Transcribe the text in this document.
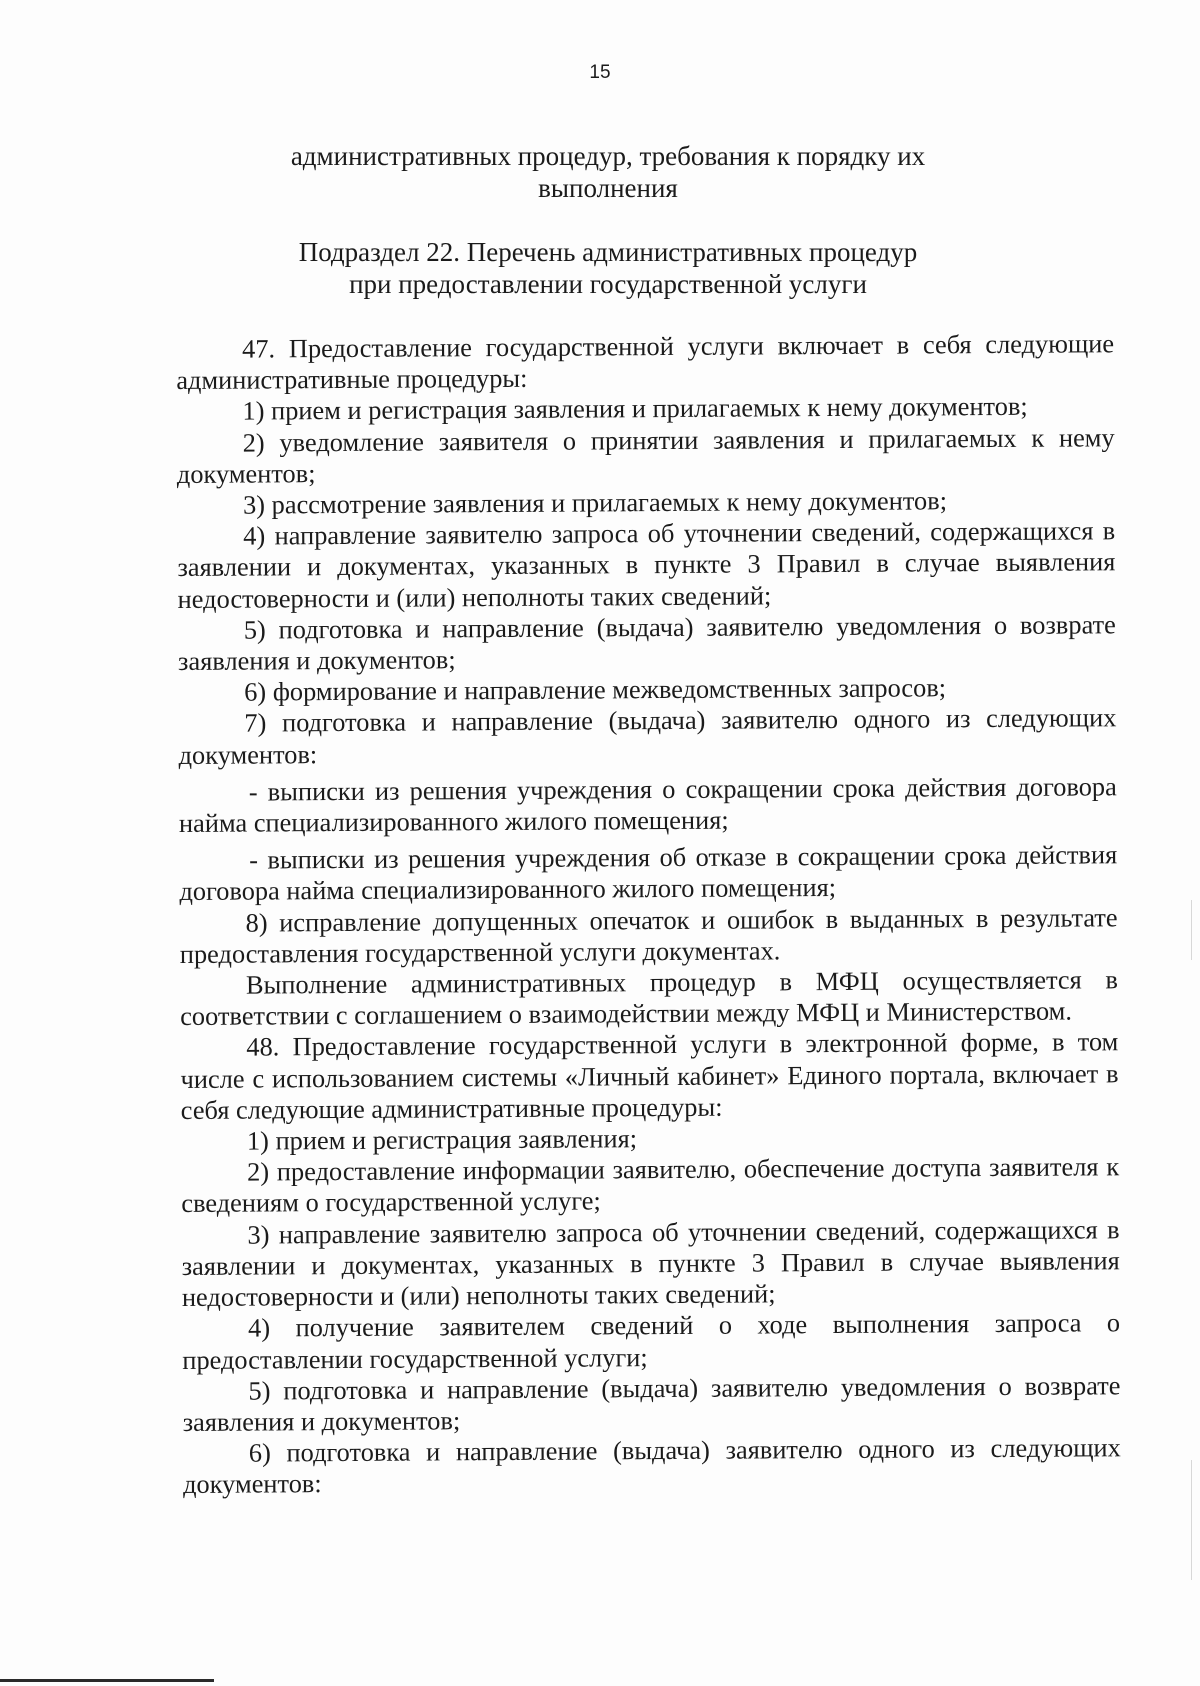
15
административных процедур, требования к порядку их
выполнения
Подраздел 22. Перечень административных процедур
при предоставлении государственной услуги

47. Предоставление государственной услуги включает в себя следующие административные процедуры:

1) прием и регистрация заявления и прилагаемых к нему документов;

2) уведомление заявителя о принятии заявления и прилагаемых к нему документов;

3) рассмотрение заявления и прилагаемых к нему документов;

4) направление заявителю запроса об уточнении сведений, содержащихся в заявлении и документах, указанных в пункте 3 Правил в случае выявления недостоверности и (или) неполноты таких сведений;

5) подготовка и направление (выдача) заявителю уведомления о возврате заявления и документов;

6) формирование и направление межведомственных запросов;

7) подготовка и направление (выдача) заявителю одного из следующих документов:

- выписки из решения учреждения о сокращении срока действия договора найма специализированного жилого помещения;

- выписки из решения учреждения об отказе в сокращении срока действия договора найма специализированного жилого помещения;

8) исправление допущенных опечаток и ошибок в выданных в результате предоставления государственной услуги документах.

Выполнение административных процедур в МФЦ осуществляется в соответствии с соглашением о взаимодействии между МФЦ и Министерством.

48. Предоставление государственной услуги в электронной форме, в том числе с использованием системы «Личный кабинет» Единого портала, включает в себя следующие административные процедуры:

1) прием и регистрация заявления;

2) предоставление информации заявителю, обеспечение доступа заявителя к сведениям о государственной услуге;

3) направление заявителю запроса об уточнении сведений, содержащихся в заявлении и документах, указанных в пункте 3 Правил в случае выявления недостоверности и (или) неполноты таких сведений;

4) получение заявителем сведений о ходе выполнения запроса о предоставлении государственной услуги;

5) подготовка и направление (выдача) заявителю уведомления о возврате заявления и документов;

6) подготовка и направление (выдача) заявителю одного из следующих документов:
